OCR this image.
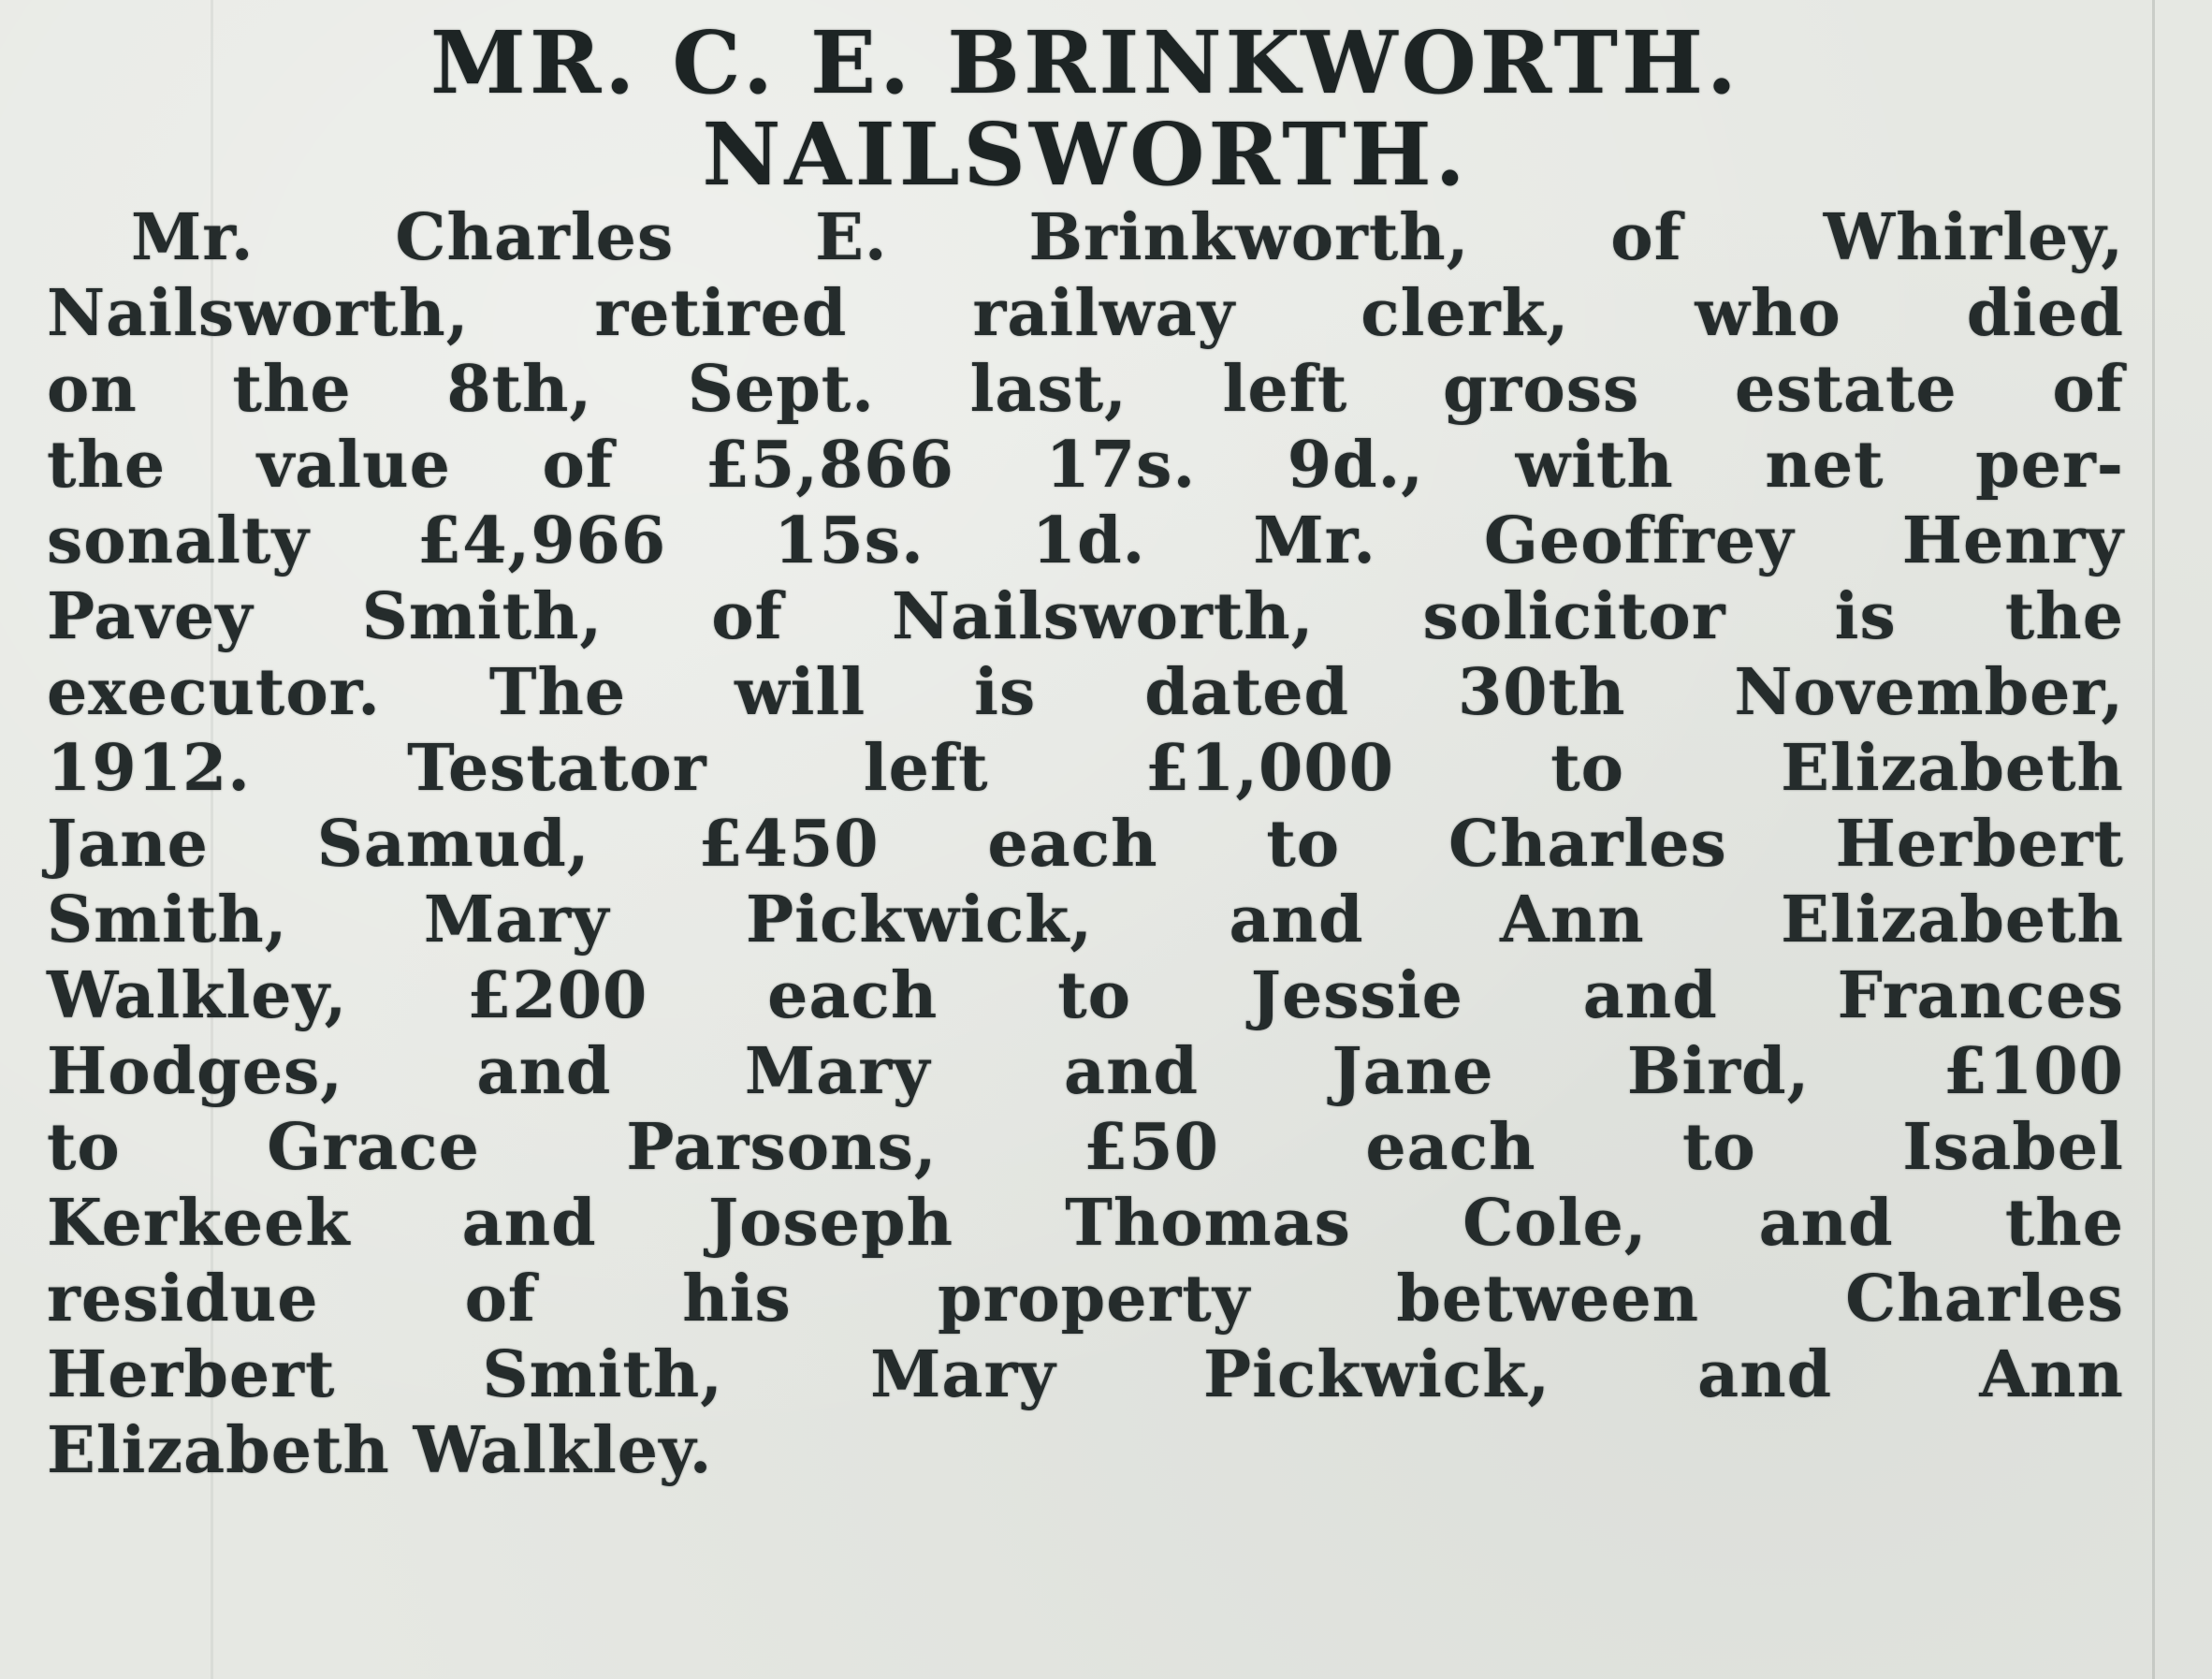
MR. C. E. BRINKWORTH.
NAILSWORTH.

Mr. Charles E. Brinkworth, of Whirley,
Nailsworth, retired railway clerk, who died
on the 8th, Sept. last, left gross estate of
the value of £5,866 17s. 9d., with net per-
sonalty £4,966 15s. 1d. Mr. Geoffrey Henry
Pavey Smith, of Nailsworth, solicitor is the
executor. The will is dated 30th November,
1912. Testator left £1,000 to Elizabeth
Jane Samud, £450 each to Charles Herbert
Smith, Mary Pickwick, and Ann Elizabeth
Walkley, £200 each to Jessie and Frances
Hodges, and Mary and Jane Bird, £100
to Grace Parsons, £50 each to Isabel
Kerkeek and Joseph Thomas Cole, and the
residue of his property between Charles
Herbert Smith, Mary Pickwick, and Ann
Elizabeth Walkley.
